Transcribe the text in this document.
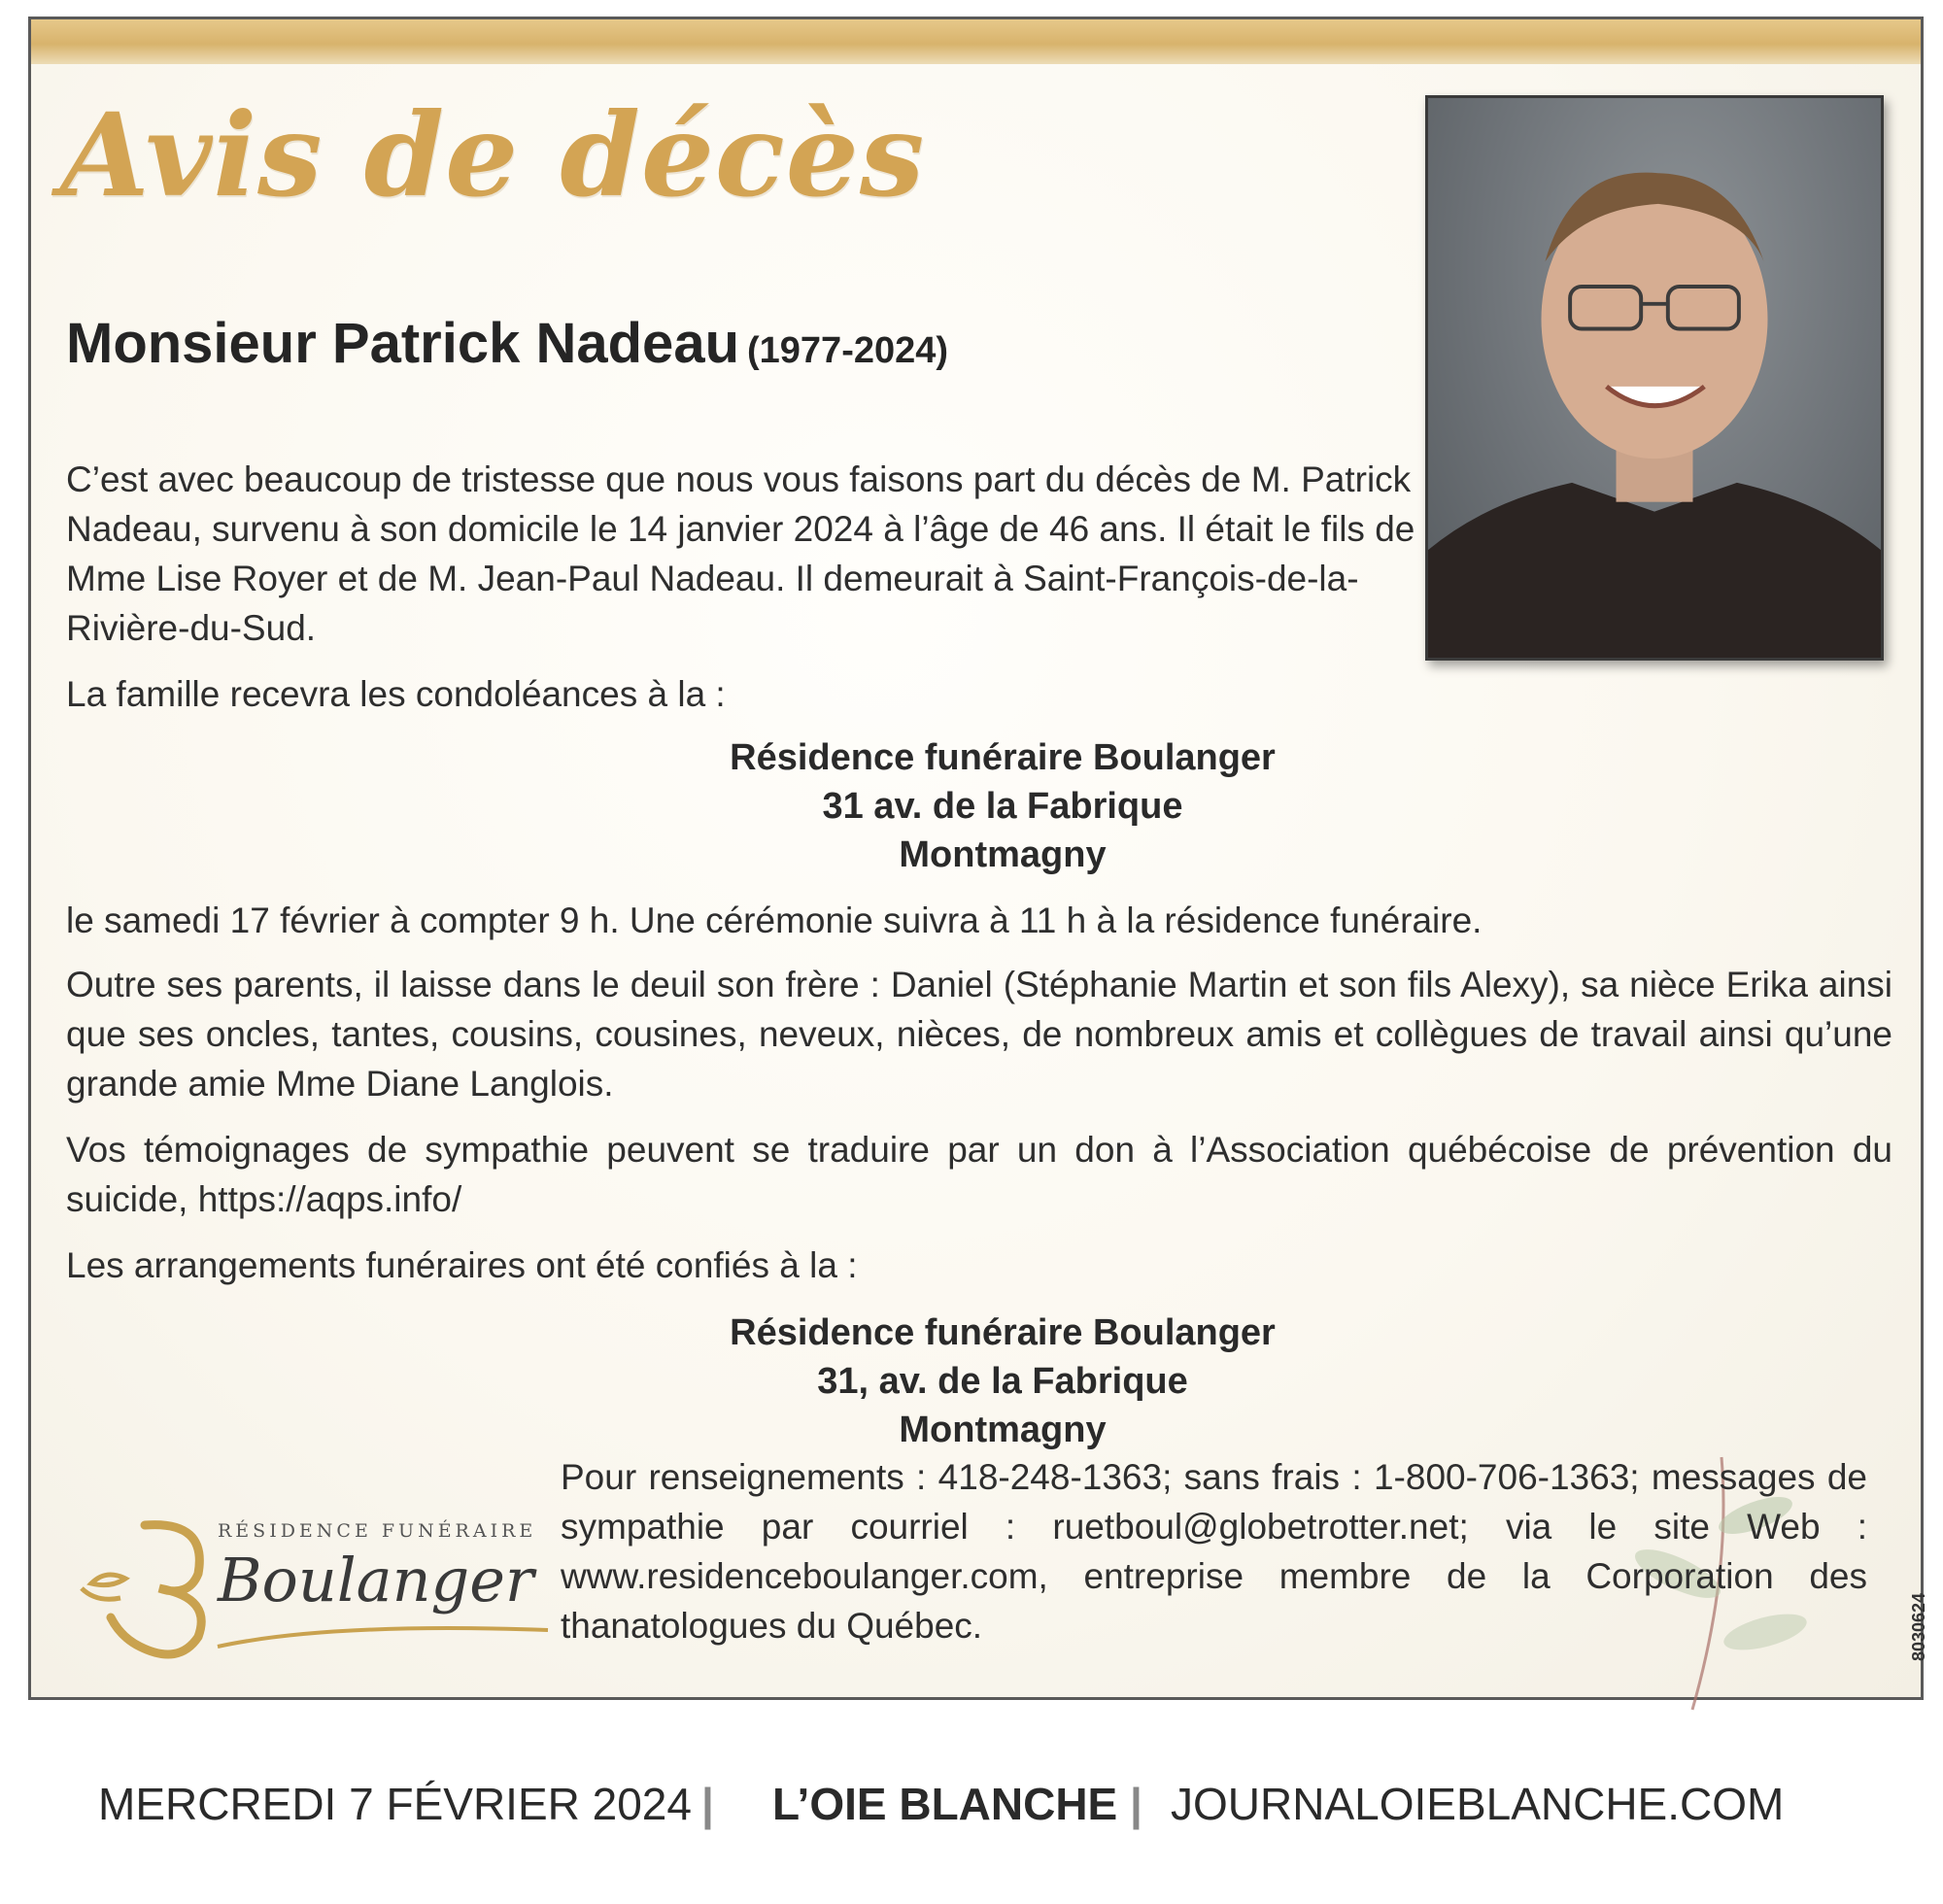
Avis de décès
Monsieur Patrick Nadeau (1977-2024)

C’est avec beaucoup de tristesse que nous vous faisons part du décès de M. Patrick Nadeau, survenu à son domicile le 14 janvier 2024 à l’âge de 46 ans. Il était le fils de Mme Lise Royer et de M. Jean-Paul Nadeau. Il demeurait à Saint-François-de-la-Rivière-du-Sud.

La famille recevra les condoléances à la :

Résidence funéraire Boulanger
31 av. de la Fabrique
Montmagny

le samedi 17 février à compter 9 h. Une cérémonie suivra à 11 h à la résidence funéraire.

Outre ses parents, il laisse dans le deuil son frère : Daniel (Stéphanie Martin et son fils Alexy), sa nièce Erika ainsi que ses oncles, tantes, cousins, cousines, neveux, nièces, de nombreux amis et collègues de travail ainsi qu’une grande amie Mme Diane Langlois.

Vos témoignages de sympathie peuvent se traduire par un don à l’Association québécoise de prévention du suicide, https://aqps.info/

Les arrangements funéraires ont été confiés à la :

Résidence funéraire Boulanger
31, av. de la Fabrique
Montmagny

Pour renseignements : 418-248-1363; sans frais : 1-800-706-1363; messages de sympathie par courriel : ruetboul@globetrotter.net; via le site Web : www.residenceboulanger.com, entreprise membre de la Corporation des thanatologues du Québec.

RÉSIDENCE FUNÉRAIRE

Boulanger

8030624

MERCREDI 7 FÉVRIER 2024 | L’OIE BLANCHE | JOURNALOIEBLANCHE.COM
